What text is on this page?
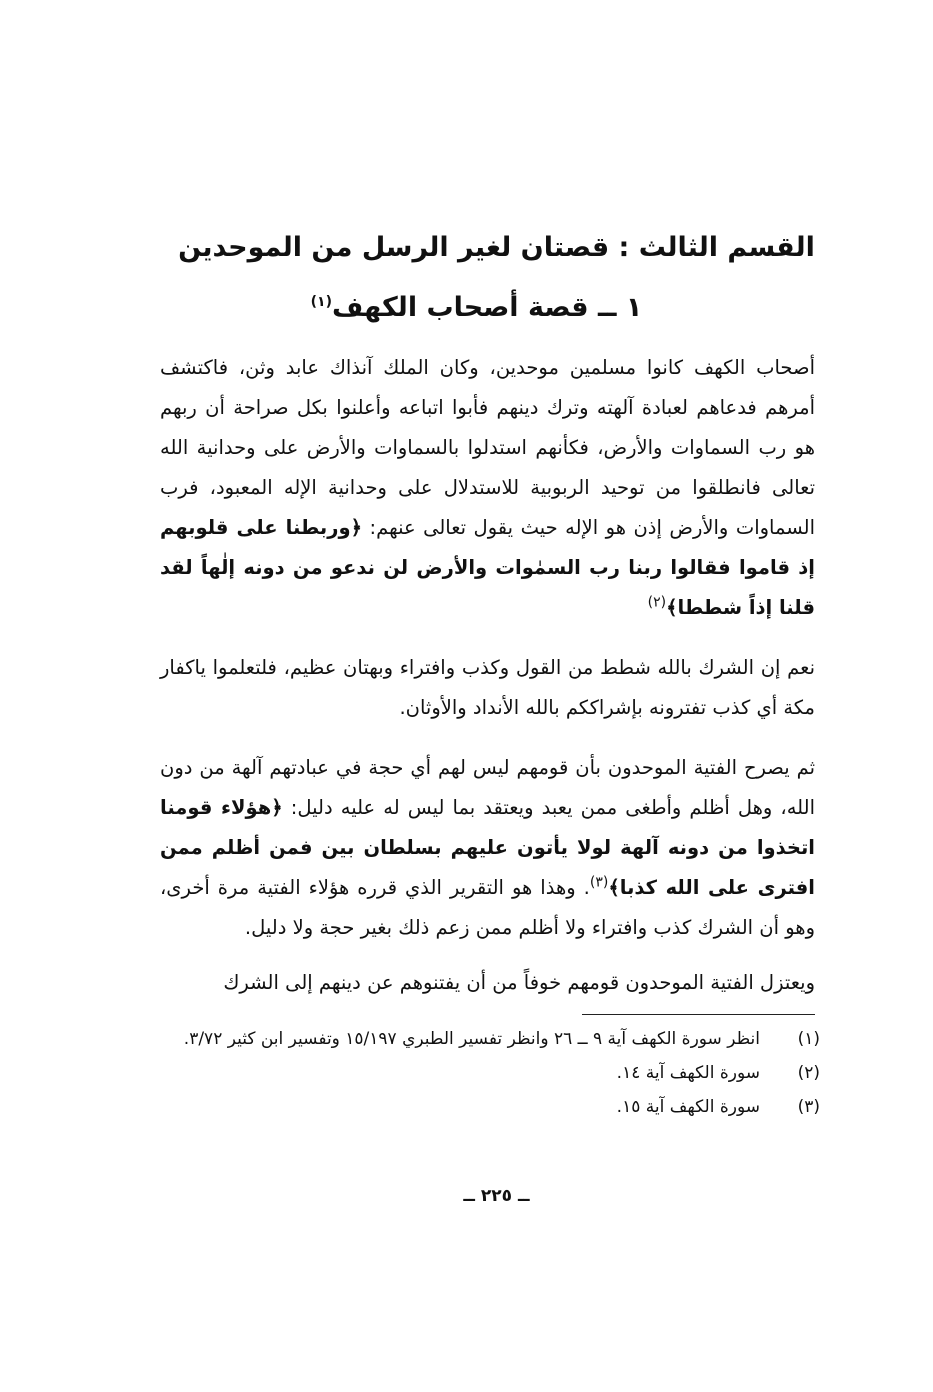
القسم الثالث : قصتان لغير الرسل من الموحدين
١ ــ قصة أصحاب الكهف$^{(١)}$
أصحاب الكهف كانوا مسلمين موحدين، وكان الملك آنذاك عابد وثن، فاكتشف أمرهم فدعاهم لعبادة آلهته وترك دينهم فأبوا اتباعه وأعلنوا بكل صراحة أن ربهم هو رب السماوات والأرض، فكأنهم استدلوا بالسماوات والأرض على وحدانية الله تعالى فانطلقوا من توحيد الربوبية للاستدلال على وحدانية الإله المعبود، فرب السماوات والأرض إذن هو الإله حيث يقول تعالى عنهم: ﴿وربطنا على قلوبهم إذ قاموا فقالوا ربنا رب السمٰوات والأرض لن ندعو من دونه إلٰهاً لقد قلنا إذاً شططا﴾$^{(٢)}$
نعم إن الشرك بالله شطط من القول وكذب وافتراء وبهتان عظيم، فلتعلموا ياكفار مكة أي كذب تفترونه بإشراككم بالله الأنداد والأوثان.
ثم يصرح الفتية الموحدون بأن قومهم ليس لهم أي حجة في عبادتهم آلهة من دون الله، وهل أظلم وأطغى ممن يعبد ويعتقد بما ليس له عليه دليل: ﴿هؤلاء قومنا اتخذوا من دونه آلهة لولا يأتون عليهم بسلطان بين فمن أظلم ممن افترى على الله كذبا﴾$^{(٣)}$. وهذا هو التقرير الذي قرره هؤلاء الفتية مرة أخرى، وهو أن الشرك كذب وافتراء ولا أظلم ممن زعم ذلك بغير حجة ولا دليل.
ويعتزل الفتية الموحدون قومهم خوفاً من أن يفتنوهم عن دينهم إلى الشرك
(١)
انظر سورة الكهف آية ٩ ــ ٢٦ وانظر تفسير الطبري ١٥/١٩٧ وتفسير ابن كثير ٣/٧٢.
(٢)
سورة الكهف آية ١٤.
(٣)
سورة الكهف آية ١٥.
ــ ٢٢٥ ــ
